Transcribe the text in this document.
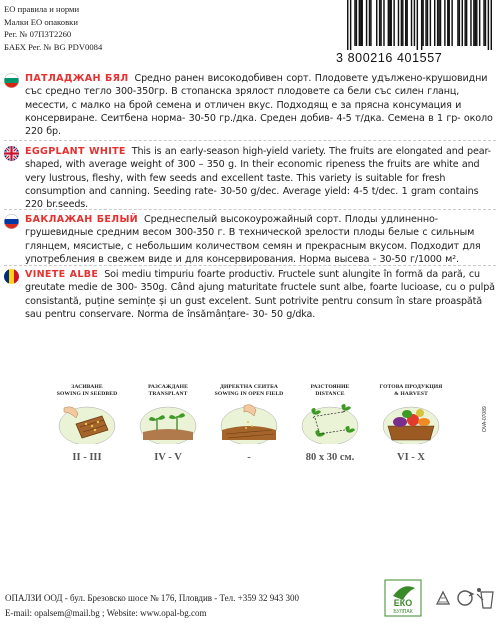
ЕО правила и норми
Малки ЕО опаковки
Рег. № 07П3Т2260
БАБХ Рег. № BG PDV0084
3 800216 401557
ПАТЛАДЖАН БЯЛ Средно ранен високодобивен сорт. Плодовете удължено-крушовидни със средно тегло 300-350гр. В стопанска зрялост плодовете са бели със силен гланц, месести, с малко на брой семена и отличен вкус. Подходящ е за прясна консумация и консервиране. Сеитбена норма- 30-50 гр./дка. Среден добив- 4-5 т/дка. Семена в 1 гр- около 220 бр.
EGGPLANT WHITE This is an early-season high-yield variety. The fruits are elongated and pear-shaped, with average weight of 300 – 350 g. In their economic ripeness the fruits are white and very lustrous, fleshy, with few seeds and excellent taste. This variety is suitable for fresh consumption and canning. Seeding rate- 30-50 g/dec. Average yield: 4-5 t/dec. 1 gram contains 220 br.seeds.
БАКЛАЖАН БЕЛЫЙ Среднеспелый высокоурожайный сорт. Плоды удлиненно-грушевидные средним весом 300-350 г. В технической зрелости плоды белые с сильным глянцем, мясистые, с небольшим количеством семян и прекрасным вкусом. Подходит для употребления в свежем виде и для консервирования. Норма высева - 30-50 г/1000 м².
VINETE ALBE Soi mediu timpuriu foarte productiv. Fructele sunt alungite în formă da pară, cu greutate medie de 300- 350g. Când ajung maturitate fructele sunt albe, foarte lucioase, cu o pulpă consistantă, puține semințe și un gust excelent. Sunt potrivite pentru consum în stare proaspătă sau pentru conservare. Norma de însămânțare- 30- 50 g/dka.
ЗАСИВАНЕ
SOWING IN SEEDBED
РАЗСАЖДАНЕ
TRANSPLANT
ДИРЕКТНА СЕИТБА
SOWING IN OPEN FIELD
РАЗСТОЯНИЕ
DISTANCE
ГОТОВА ПРОДУКЦИЯ
& HARVEST
II - III	IV - V	-	80 x 30 см.	VI - X
OVA-07089
ОПАЛЗИ ООД - бул. Брезовско шосе № 176, Пловдив - Тел. +359 32 943 300
E-mail: opalsem@mail.bg ; Website: www.opal-bg.com
ЕКО
БУЛПАК
